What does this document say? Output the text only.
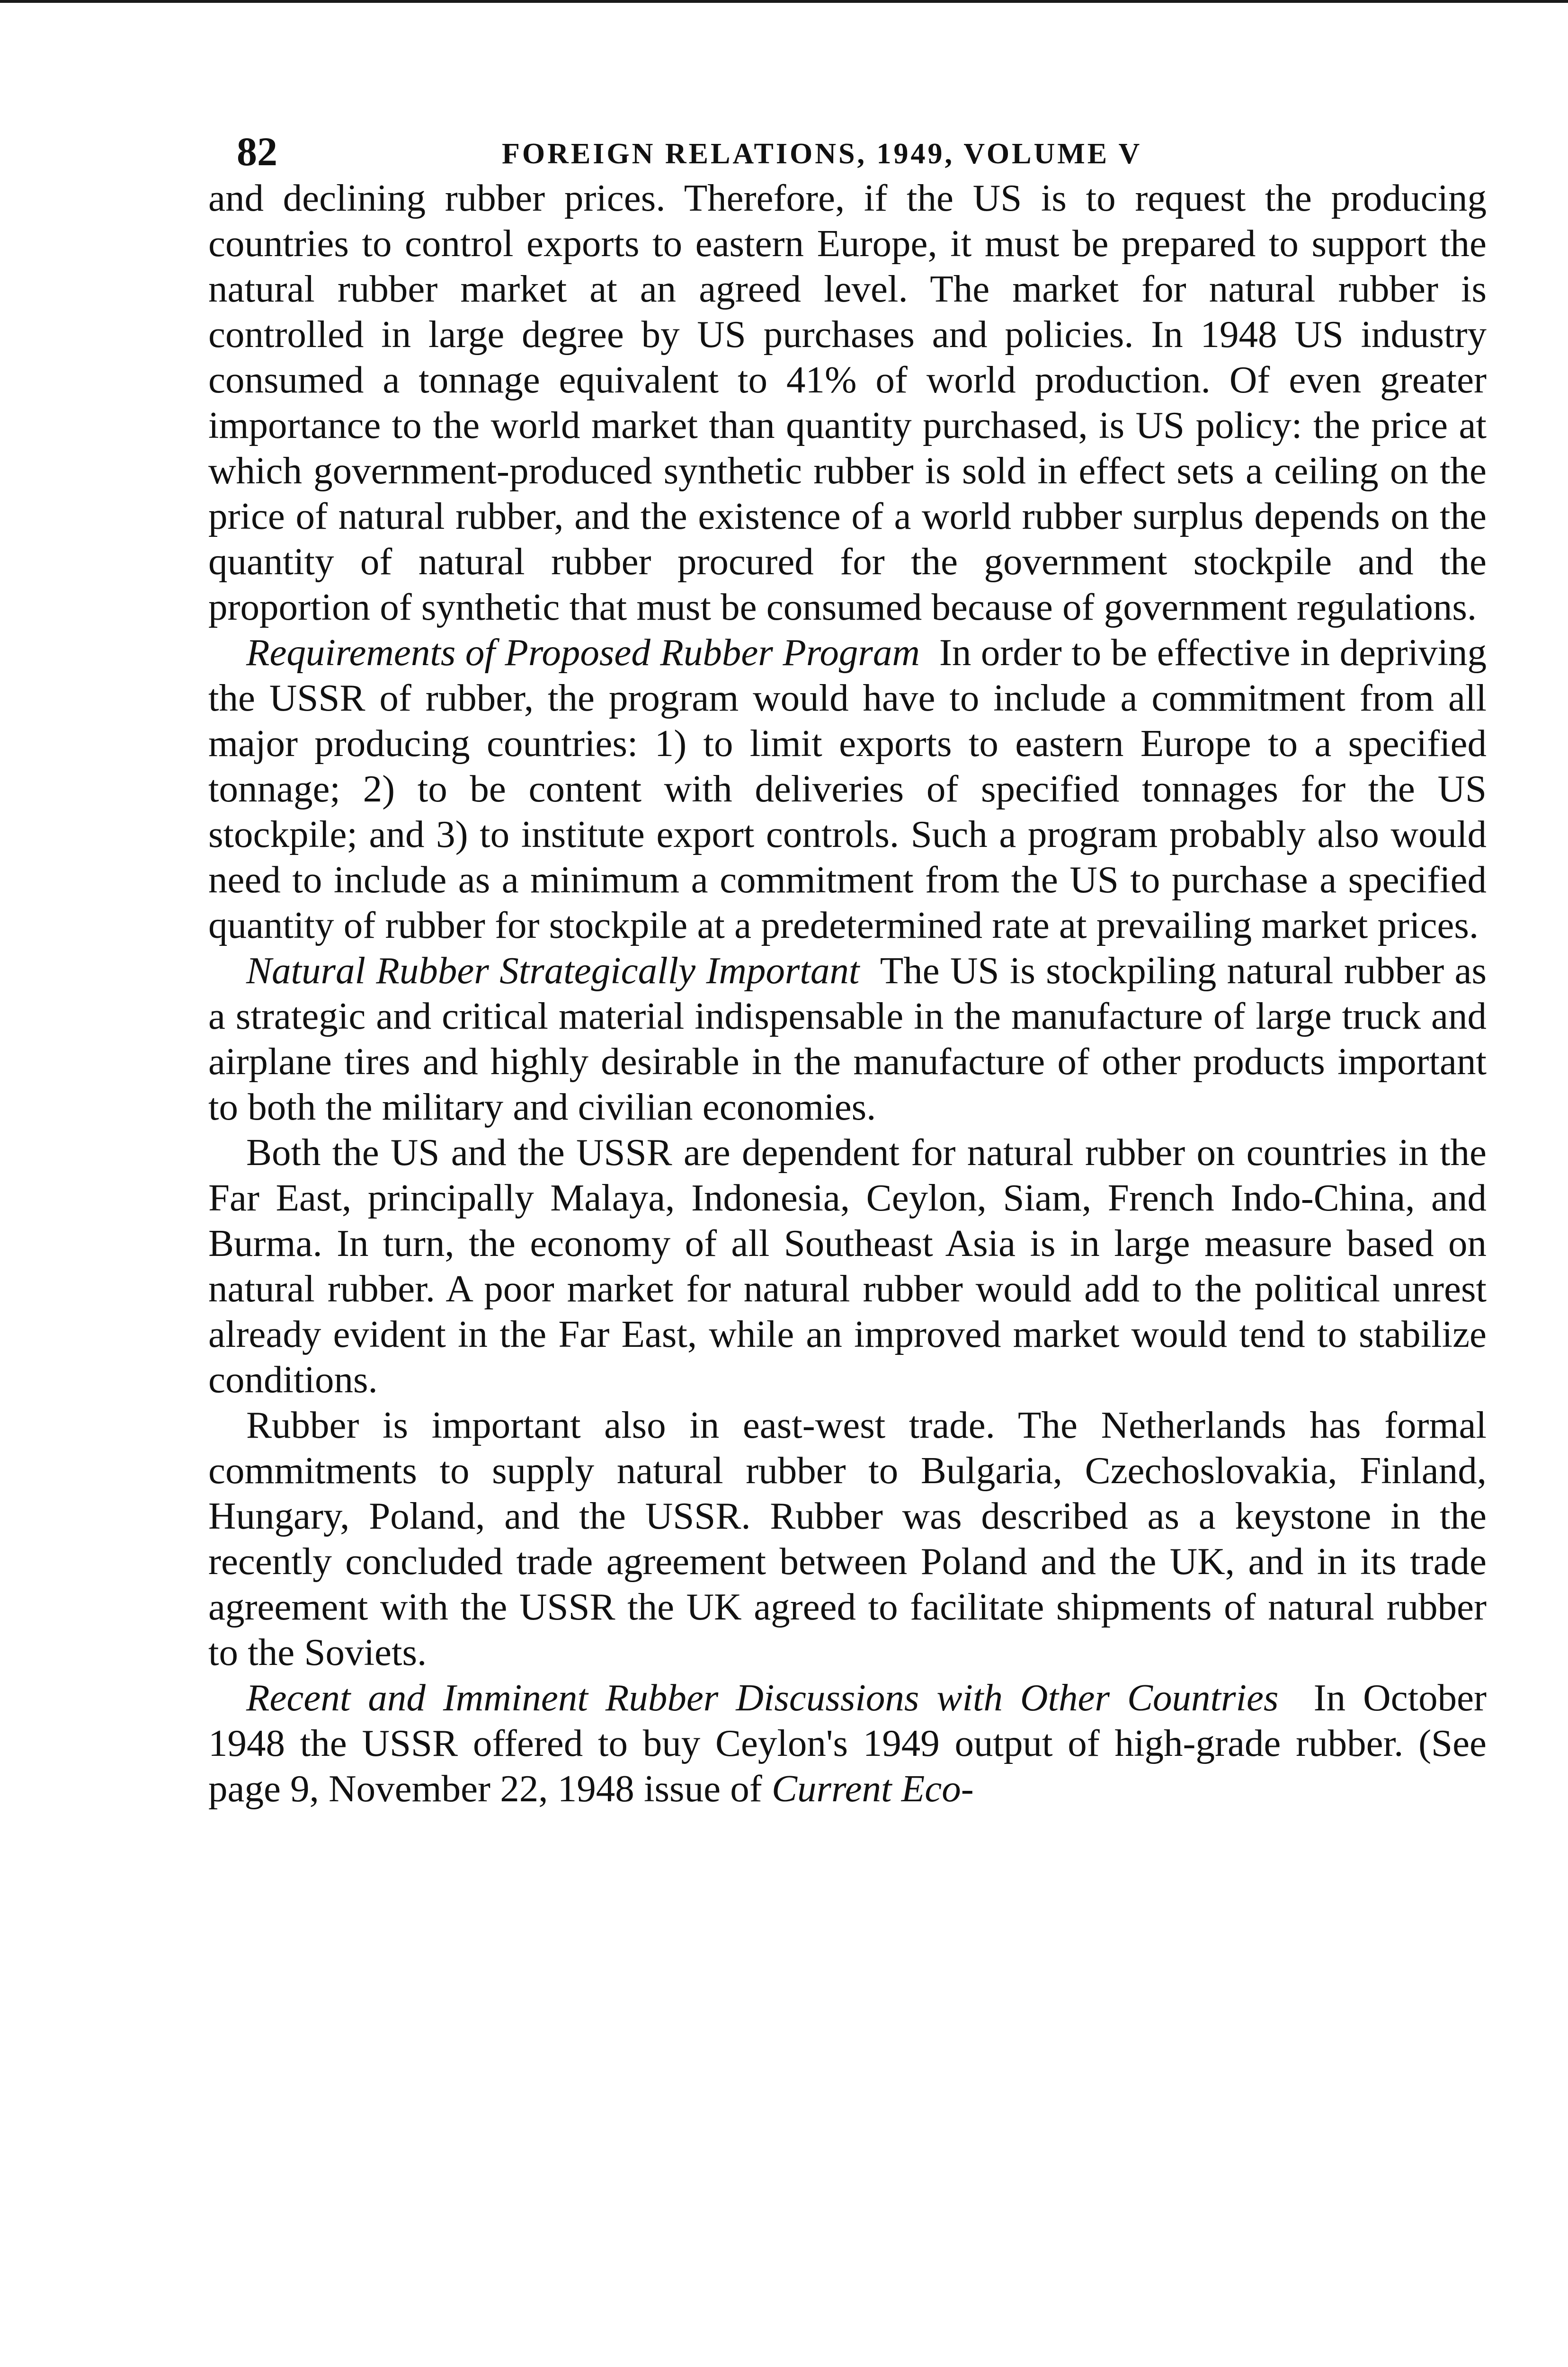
82	FOREIGN RELATIONS, 1949, VOLUME V

and declining rubber prices. Therefore, if the US is to request the producing countries to control exports to eastern Europe, it must be prepared to support the natural rubber market at an agreed level. The market for natural rubber is controlled in large degree by US purchases and policies. In 1948 US industry consumed a tonnage equivalent to 41% of world production. Of even greater importance to the world market than quantity purchased, is US policy: the price at which government-produced synthetic rubber is sold in effect sets a ceiling on the price of natural rubber, and the existence of a world rubber surplus depends on the quantity of natural rubber procured for the government stockpile and the proportion of synthetic that must be consumed because of government regulations.

Requirements of Proposed Rubber Program In order to be effective in depriving the USSR of rubber, the program would have to include a commitment from all major producing countries: 1) to limit exports to eastern Europe to a specified tonnage; 2) to be content with deliveries of specified tonnages for the US stockpile; and 3) to institute export controls. Such a program probably also would need to include as a minimum a commitment from the US to purchase a specified quantity of rubber for stockpile at a predetermined rate at prevailing market prices.

Natural Rubber Strategically Important The US is stockpiling natural rubber as a strategic and critical material indispensable in the manufacture of large truck and airplane tires and highly desirable in the manufacture of other products important to both the military and civilian economies.

Both the US and the USSR are dependent for natural rubber on countries in the Far East, principally Malaya, Indonesia, Ceylon, Siam, French Indo-China, and Burma. In turn, the economy of all Southeast Asia is in large measure based on natural rubber. A poor market for natural rubber would add to the political unrest already evident in the Far East, while an improved market would tend to stabilize conditions.

Rubber is important also in east-west trade. The Netherlands has formal commitments to supply natural rubber to Bulgaria, Czechoslovakia, Finland, Hungary, Poland, and the USSR. Rubber was described as a keystone in the recently concluded trade agreement between Poland and the UK, and in its trade agreement with the USSR the UK agreed to facilitate shipments of natural rubber to the Soviets.

Recent and Imminent Rubber Discussions with Other Countries In October 1948 the USSR offered to buy Ceylon's 1949 output of high-grade rubber. (See page 9, November 22, 1948 issue of Current Eco-
